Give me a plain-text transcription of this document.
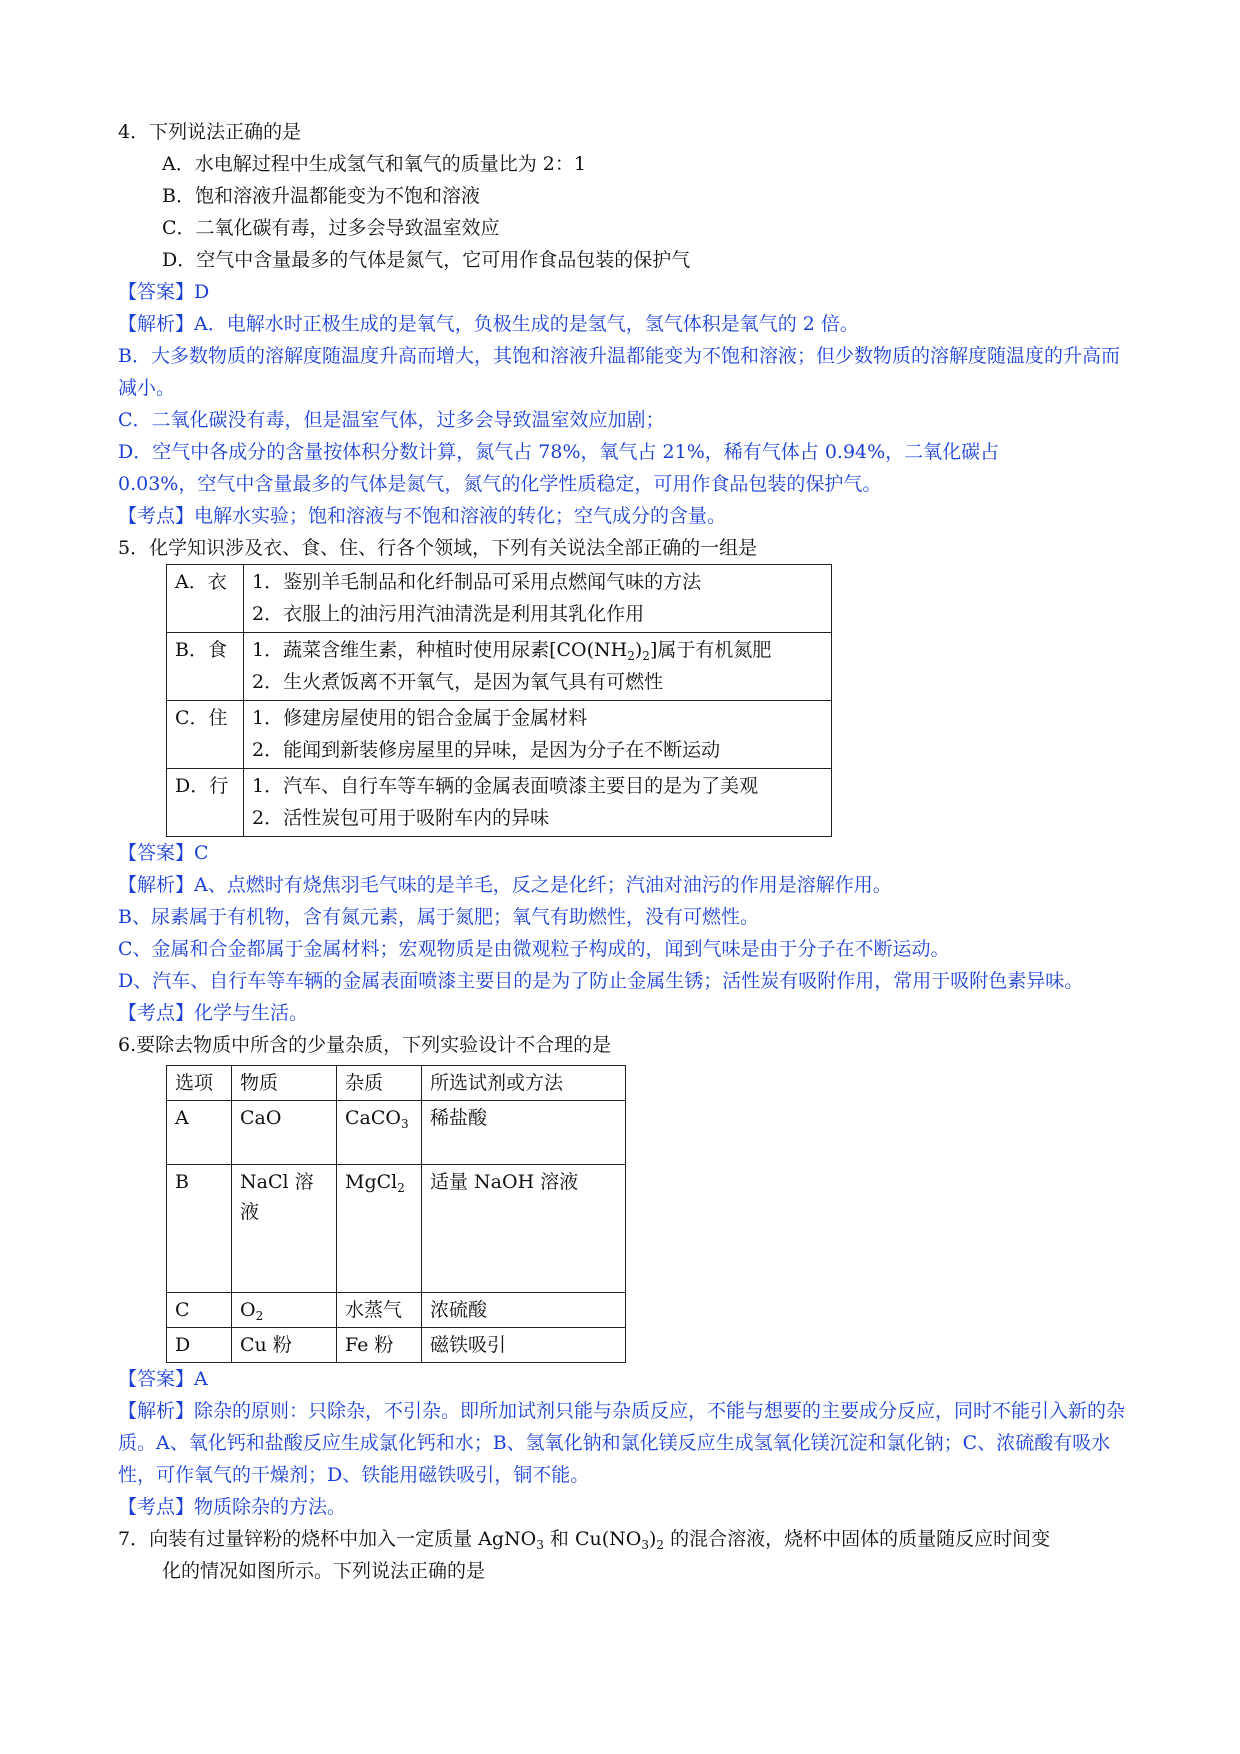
4．下列说法正确的是
A．水电解过程中生成氢气和氧气的质量比为 2：1
B．饱和溶液升温都能变为不饱和溶液
C．二氧化碳有毒，过多会导致温室效应
D．空气中含量最多的气体是氮气，它可用作食品包装的保护气
【答案】D
【解析】A．电解水时正极生成的是氧气，负极生成的是氢气，氢气体积是氧气的 2 倍。
B．大多数物质的溶解度随温度升高而增大，其饱和溶液升温都能变为不饱和溶液；但少数物质的溶解度随温度的升高而减小。
C．二氧化碳没有毒，但是温室气体，过多会导致温室效应加剧；
D．空气中各成分的含量按体积分数计算，氮气占 78%，氧气占 21%，稀有气体占 0.94%，二氧化碳占
0.03%，空气中含量最多的气体是氮气，氮气的化学性质稳定，可用作食品包装的保护气。
【考点】电解水实验；饱和溶液与不饱和溶液的转化；空气成分的含量。
5．化学知识涉及衣、食、住、行各个领域，下列有关说法全部正确的一组是
A．衣	1．鉴别羊毛制品和化纤制品可采用点燃闻气味的方法
2．衣服上的油污用汽油清洗是利用其乳化作用

B．食	1．蔬菜含维生素，种植时使用尿素$[CO(NH_2)_2]$属于有机氮肥
2．生火煮饭离不开氧气，是因为氧气具有可燃性

C．住	1．修建房屋使用的铝合金属于金属材料
2．能闻到新装修房屋里的异味，是因为分子在不断运动

D．行	1．汽车、自行车等车辆的金属表面喷漆主要目的是为了美观
2．活性炭包可用于吸附车内的异味
【答案】C
【解析】A、点燃时有烧焦羽毛气味的是羊毛，反之是化纤；汽油对油污的作用是溶解作用。
B、尿素属于有机物，含有氮元素，属于氮肥；氧气有助燃性，没有可燃性。
C、金属和合金都属于金属材料；宏观物质是由微观粒子构成的，闻到气味是由于分子在不断运动。
D、汽车、自行车等车辆的金属表面喷漆主要目的是为了防止金属生锈；活性炭有吸附作用，常用于吸附色素异味。
【考点】化学与生活。
6.要除去物质中所含的少量杂质，下列实验设计不合理的是
选项	物质	杂质	所选试剂或方法
A	CaO	CaCO$_3$	稀盐酸
B	NaCl 溶液	MgCl$_2$	适量 NaOH 溶液
C	$O_2$	水蒸气	浓硫酸
D	Cu 粉	Fe 粉	磁铁吸引
【答案】A
【解析】除杂的原则：只除杂，不引杂。即所加试剂只能与杂质反应，不能与想要的主要成分反应，同时不能引入新的杂质。A、氧化钙和盐酸反应生成氯化钙和水；B、氢氧化钠和氯化镁反应生成氢氧化镁沉淀和氯化钠；C、浓硫酸有吸水性，可作氧气的干燥剂；D、铁能用磁铁吸引，铜不能。
【考点】物质除杂的方法。
7．向装有过量锌粉的烧杯中加入一定质量 AgNO$_3$ 和 $Cu(NO_3)_2$ 的混合溶液，烧杯中固体的质量随反应时间变
化的情况如图所示。下列说法正确的是
